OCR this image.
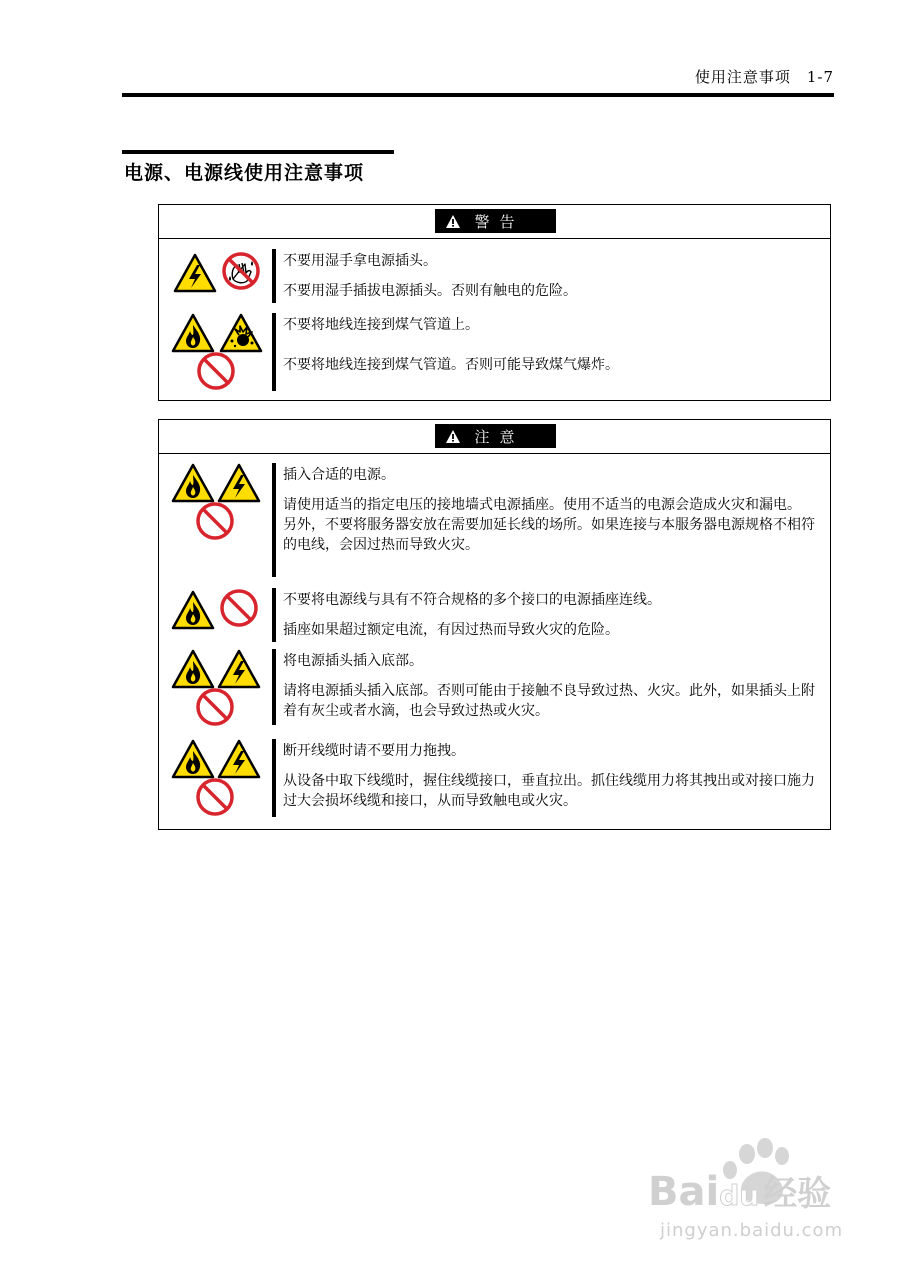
使用注意事项　1-7
电源、电源线使用注意事项
警告

不要用湿手拿电源插头。

不要用湿手插拔电源插头。否则有触电的危险。

不要将地线连接到煤气管道上。

不要将地线连接到煤气管道。否则可能导致煤气爆炸。

注意

插入合适的电源。

请使用适当的指定电压的接地墙式电源插座。使用不适当的电源会造成火灾和漏电。

另外，不要将服务器安放在需要加延长线的场所。如果连接与本服务器电源规格不相符的电线，会因过热而导致火灾。

不要将电源线与具有不符合规格的多个接口的电源插座连线。

插座如果超过额定电流，有因过热而导致火灾的危险。

将电源插头插入底部。

请将电源插头插入底部。否则可能由于接触不良导致过热、火灾。此外，如果插头上附着有灰尘或者水滴，也会导致过热或火灾。

断开线缆时请不要用力拖拽。

从设备中取下线缆时，握住线缆接口，垂直拉出。抓住线缆用力将其拽出或对接口施力过大会损坏线缆和接口，从而导致触电或火灾。

Baidu 经验
jingyan.baidu.com
